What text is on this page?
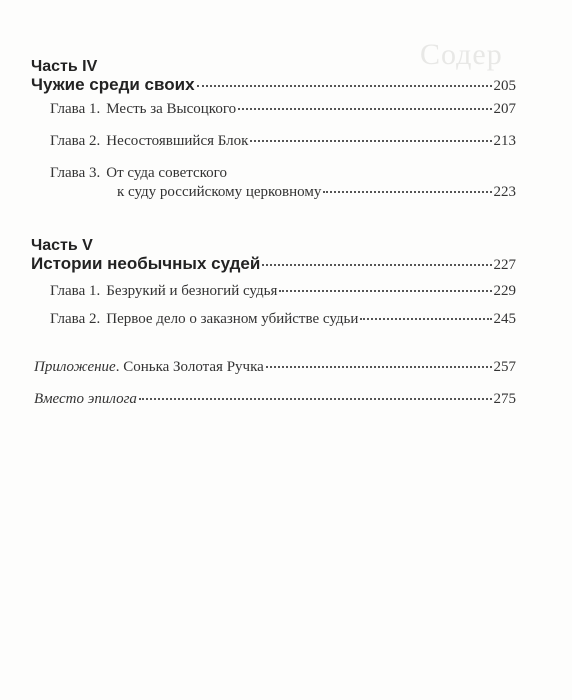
Содер
Часть IV
Чужие среди своих	205
Глава 1. Месть за Высоцкого	207
Глава 2. Несостоявшийся Блок	213
Глава 3. От суда советского
к суду российскому церковному	223
Часть V
Истории необычных судей	227
Глава 1. Безрукий и безногий судья	229
Глава 2. Первое дело о заказном убийстве судьи	245
Приложение. Сонька Золотая Ручка	257
Вместо эпилога	275
